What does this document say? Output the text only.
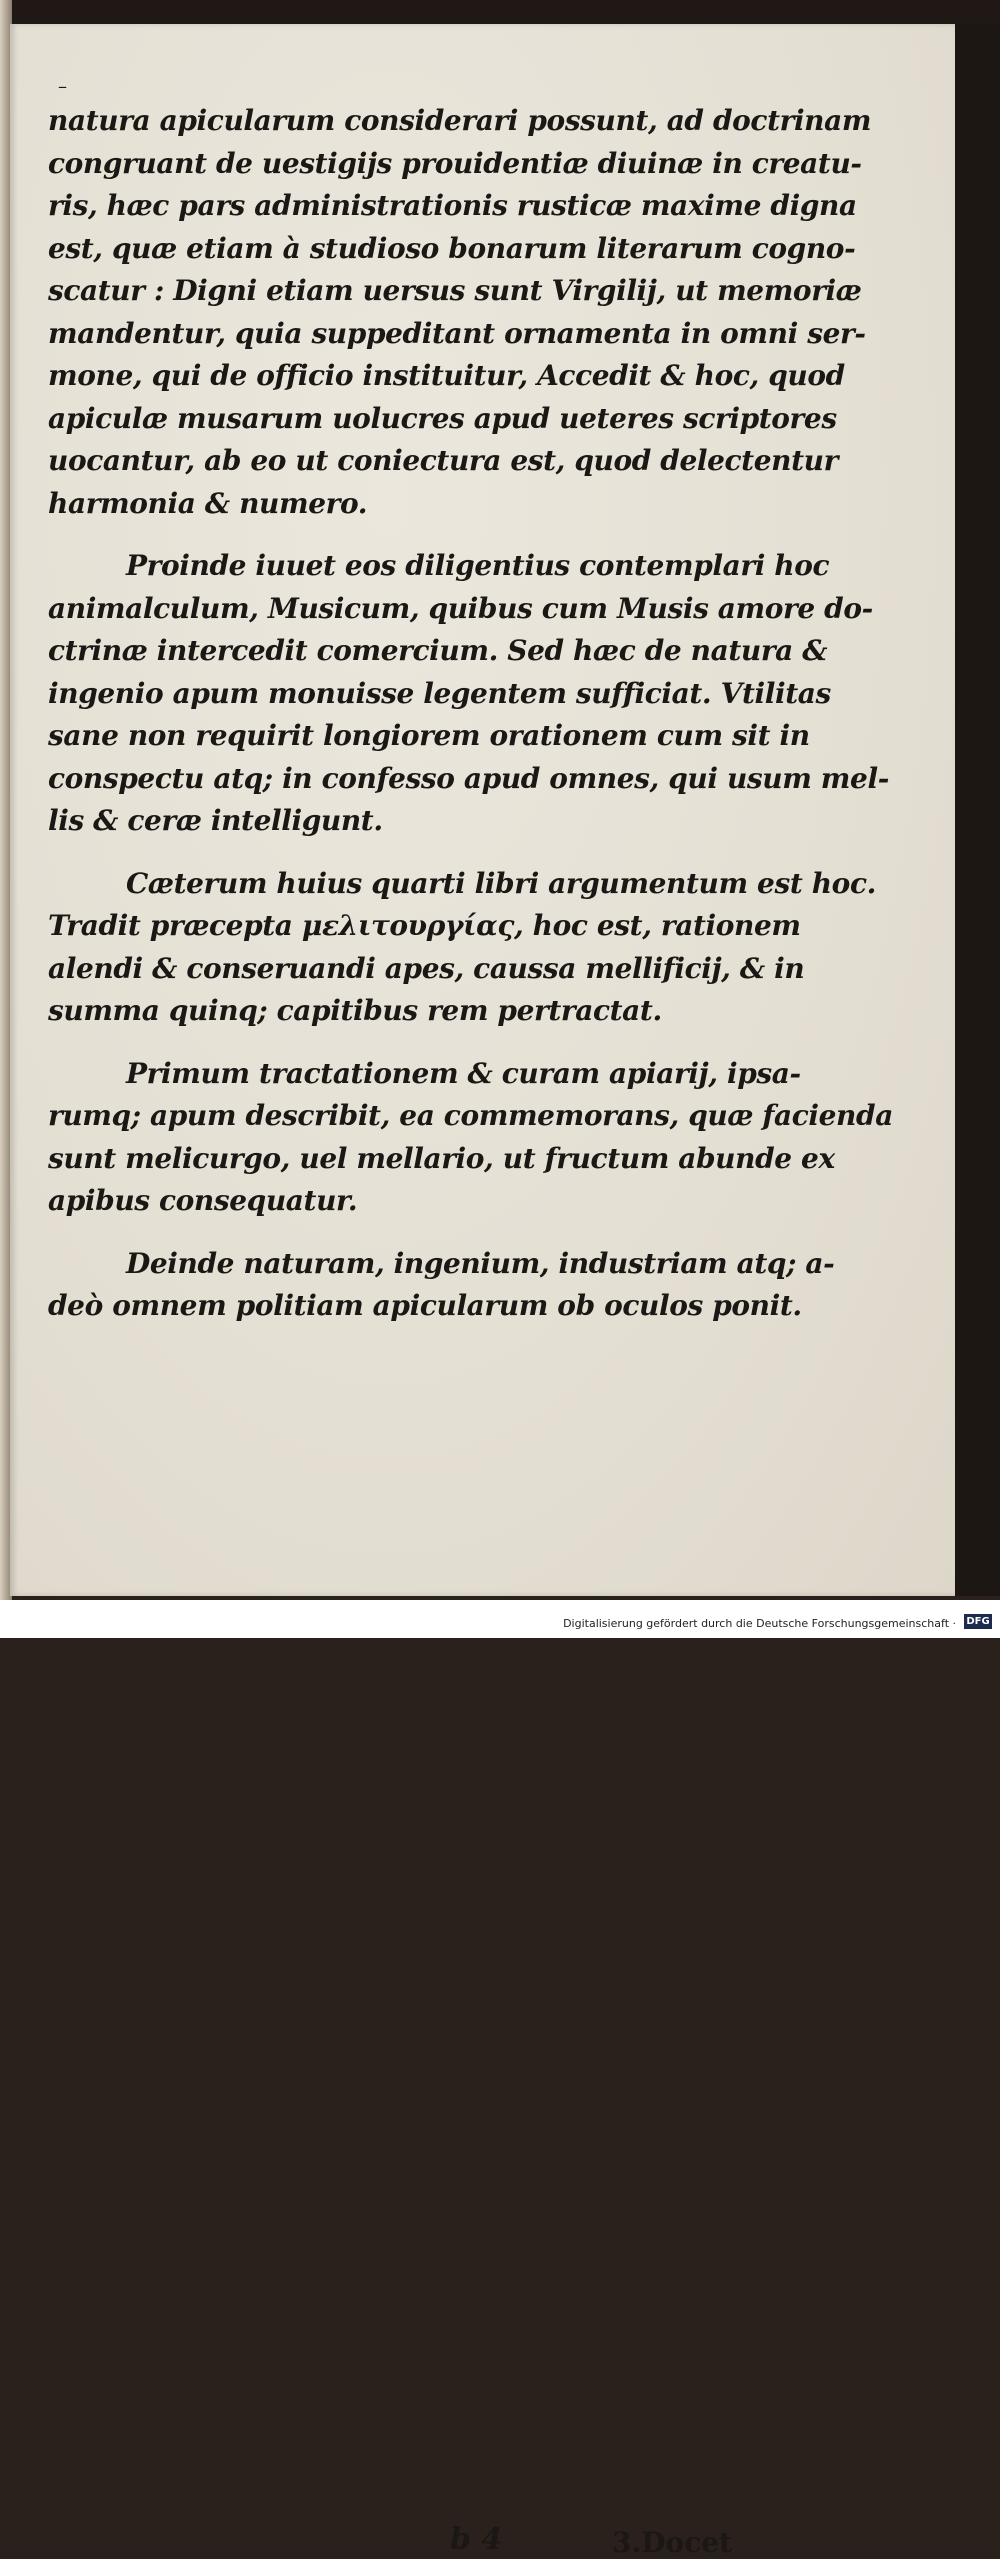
–
natura apicularum considerari possunt, ad doctrinam
congruant de uestigijs prouidentiæ diuinæ in creatu-
ris, hæc pars administrationis rusticæ maxime digna
est, quæ etiam à studioso bonarum literarum cogno-
scatur : Digni etiam uersus sunt Virgilij, ut memoriæ
mandentur, quia suppeditant ornamenta in omni ser-
mone, qui de officio instituitur, Accedit & hoc, quod
apiculæ musarum uolucres apud ueteres scriptores
uocantur, ab eo ut coniectura est, quod delectentur
harmonia & numero.
Proinde iuuet eos diligentius contemplari hoc
animalculum, Musicum, quibus cum Musis amore do-
ctrinæ intercedit comercium. Sed hæc de natura &
ingenio apum monuisse legentem sufficiat. Vtilitas
sane non requirit longiorem orationem cum sit in
conspectu atq; in confesso apud omnes, qui usum mel-
lis & ceræ intelligunt.
Cæterum huius quarti libri argumentum est hoc.
Tradit præcepta μελιτουργίας, hoc est, rationem
alendi & conseruandi apes, caussa mellificij, & in
summa quinq; capitibus rem pertractat.
Primum tractationem & curam apiarij, ipsa-
rumq; apum describit, ea commemorans, quæ facienda
sunt melicurgo, uel mellario, ut fructum abunde ex
apibus consequatur.
Deinde naturam, ingenium, industriam atq; a-
deò omnem politiam apicularum ob oculos ponit.
b 4	3.Docet
Digitalisierung gefördert durch die Deutsche Forschungsgemeinschaft · DFG
